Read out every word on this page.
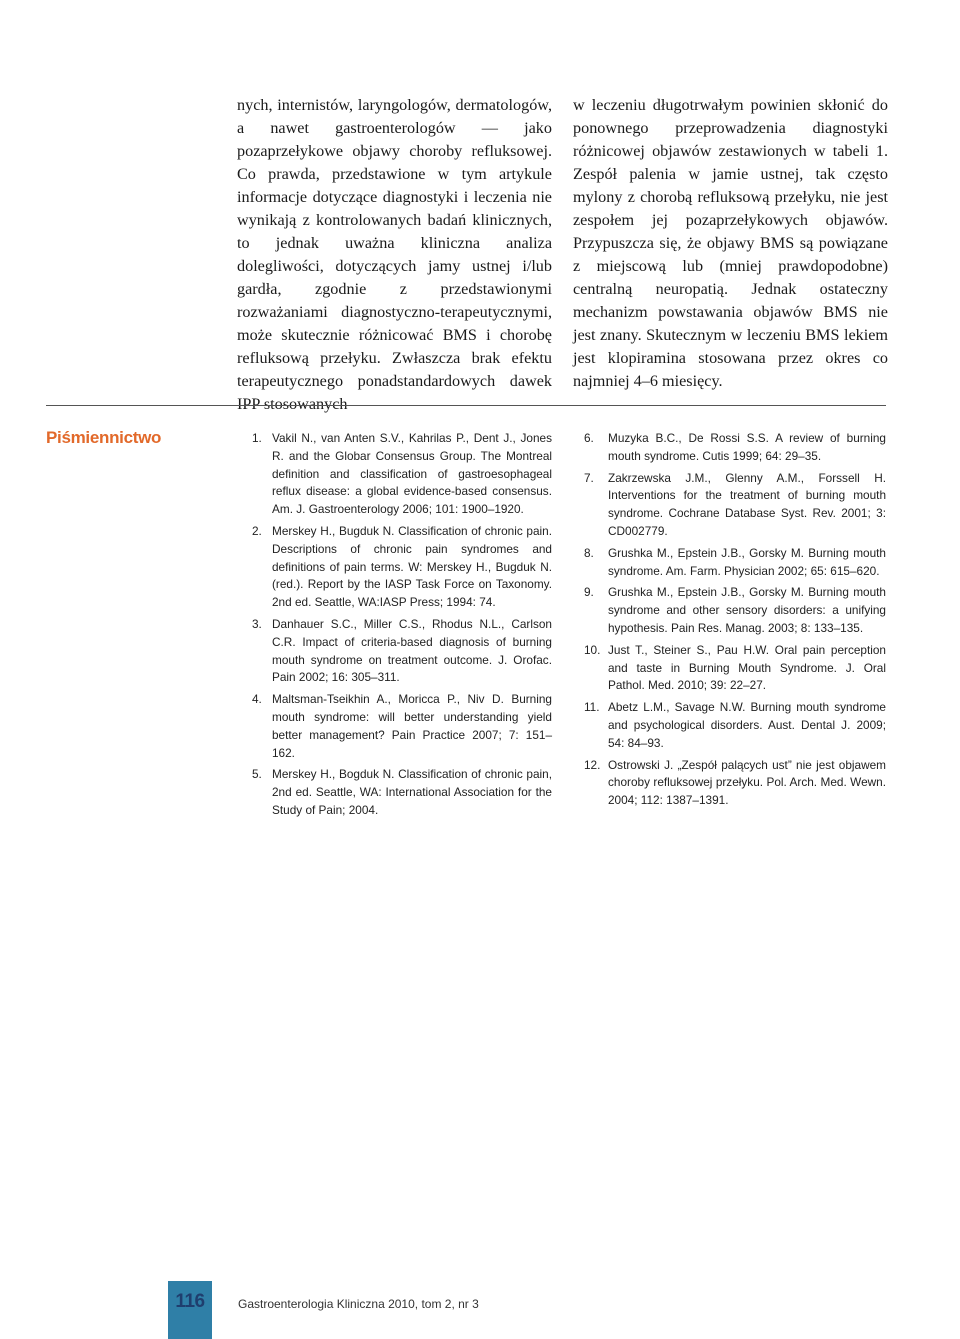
nych, internistów, laryngologów, dermatologów, a nawet gastroenterologów — jako pozaprzełykowe objawy choroby refluksowej. Co prawda, przedstawione w tym artykule informacje dotyczące diagnostyki i leczenia nie wynikają z kontrolowanych badań klinicznych, to jednak uważna kliniczna analiza dolegliwości, dotyczących jamy ustnej i/lub gardła, zgodnie z przedstawionymi rozważaniami diagnostyczno-terapeutycznymi, może skutecznie różnicować BMS i chorobę refluksową przełyku. Zwłaszcza brak efektu terapeutycznego ponadstandardowych dawek IPP stosowanych

w leczeniu długotrwałym powinien skłonić do ponownego przeprowadzenia diagnostyki różnicowej objawów zestawionych w tabeli 1. Zespół palenia w jamie ustnej, tak często mylony z chorobą refluksową przełyku, nie jest zespołem jej pozaprzełykowych objawów. Przypuszcza się, że objawy BMS są powiązane z miejscową lub (mniej prawdopodobne) centralną neuropatią. Jednak ostateczny mechanizm powstawania objawów BMS nie jest znany. Skutecznym w leczeniu BMS lekiem jest klopiramina stosowana przez okres co najmniej 4–6 miesięcy.

Piśmiennictwo	1. Vakil N., van Anten S.V., Kahrilas P., Dent J., Jones R. and the Globar Consensus Group. The Montreal definition and classification of gastroesophageal reflux disease: a global evidence-based consensus. Am. J. Gastroenterology 2006; 101: 1900–1920.
2. Merskey H., Bugduk N. Classification of chronic pain. Descriptions of chronic pain syndromes and definitions of pain terms. W: Merskey H., Bugduk N. (red.). Report by the IASP Task Force on Taxonomy. 2nd ed. Seattle, WA:IASP Press; 1994: 74.
3. Danhauer S.C., Miller C.S., Rhodus N.L., Carlson C.R. Impact of criteria-based diagnosis of burning mouth syndrome on treatment outcome. J. Orofac. Pain 2002; 16: 305–311.
4. Maltsman-Tseikhin A., Moricca P., Niv D. Burning mouth syndrome: will better understanding yield better management? Pain Practice 2007; 7: 151–162.
5. Merskey H., Bogduk N. Classification of chronic pain, 2nd ed. Seattle, WA: International Association for the Study of Pain; 2004.
6. Muzyka B.C., De Rossi S.S. A review of burning mouth syndrome. Cutis 1999; 64: 29–35.
7. Zakrzewska J.M., Glenny A.M., Forssell H. Interventions for the treatment of burning mouth syndrome. Cochrane Database Syst. Rev. 2001; 3: CD002779.
8. Grushka M., Epstein J.B., Gorsky M. Burning mouth syndrome. Am. Farm. Physician 2002; 65: 615–620.
9. Grushka M., Epstein J.B., Gorsky M. Burning mouth syndrome and other sensory disorders: a unifying hypothesis. Pain Res. Manag. 2003; 8: 133–135.
10. Just T., Steiner S., Pau H.W. Oral pain perception and taste in Burning Mouth Syndrome. J. Oral Pathol. Med. 2010; 39: 22–27.
11. Abetz L.M., Savage N.W. Burning mouth syndrome and psychological disorders. Aust. Dental J. 2009; 54: 84–93.
12. Ostrowski J. „Zespół palących ust” nie jest objawem choroby refluksowej przełyku. Pol. Arch. Med. Wewn. 2004; 112: 1387–1391.
116	Gastroenterologia Kliniczna 2010, tom 2, nr 3
